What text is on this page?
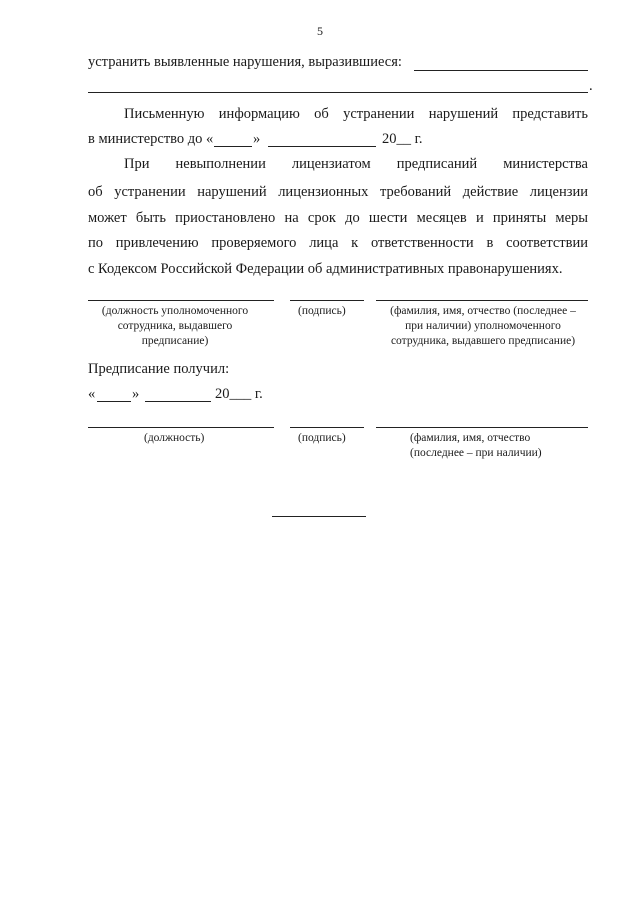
5
устранить выявленные нарушения, выразившиеся:
.
Письменную информацию об устранении нарушений представить
в министерство до «	»	20__ г.
При невыполнении лицензиатом предписаний министерства
об устранении нарушений лицензионных требований действие лицензии
может быть приостановлено на срок до шести месяцев и приняты меры
по привлечению проверяемого лица к ответственности в соответствии
с Кодексом Российской Федерации об административных правонарушениях.
(должность уполномоченного
сотрудника, выдавшего
предписание)
(подпись)	(фамилия, имя, отчество (последнее –
при наличии) уполномоченного
сотрудника, выдавшего предписание)
Предписание получил:
«	»	20___ г.
(должность)	(подпись)	(фамилия, имя, отчество
(последнее – при наличии)
